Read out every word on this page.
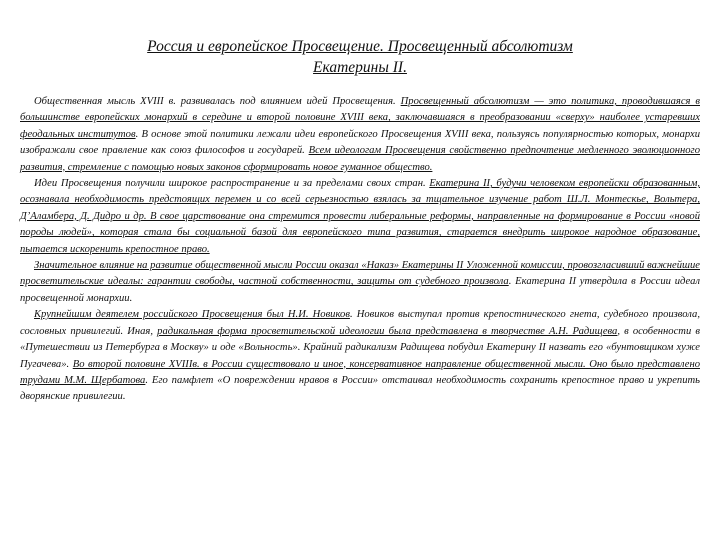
Россия и европейское Просвещение. Просвещенный абсолютизм
Екатерины II.

Общественная мысль XVIII в. развивалась под влиянием идей Просвещения. Просвещенный абсолютизм — это политика, проводившаяся в большинстве европейских монархий в середине и второй половине XVIII века, заключавшаяся в преобразовании «сверху» наиболее устаревших феодальных институтов. В основе этой политики лежали идеи европейского Просвещения XVIII века, пользуясь популярностью которых, монархи изображали свое правление как союз философов и государей. Всем идеологам Просвещения свойственно предпочтение медленного эволюционного развития, стремление с помощью новых законов сформировать новое гуманное общество.

Идеи Просвещения получили широкое распространение и за пределами своих стран. Екатерина II, будучи человеком европейски образованным, осознавала необходимость предстоящих перемен и со всей серьезностью взялась за тщательное изучение работ Ш.Л. Монтескье, Вольтера, Д’Аламбера, Д. Дидро и др. В свое царствование она стремится провести либеральные реформы, направленные на формирование в России «новой породы людей», которая стала бы социальной базой для европейского типа развития, старается внедрить широкое народное образование, пытается искоренить крепостное право.

Значительное влияние на развитие общественной мысли России оказал «Наказ» Екатерины II Уложенной комиссии, провозгласивший важнейшие просветительские идеалы: гарантии свободы, частной собственности, защиты от судебного произвола. Екатерина II утвердила в России идеал просвещенной монархии.

Крупнейшим деятелем российского Просвещения был Н.И. Новиков. Новиков выступал против крепостнического гнета, судебного произвола, сословных привилегий. Иная, радикальная форма просветительской идеологии была представлена в творчестве А.Н. Радищева, в особенности в «Путешествии из Петербурга в Москву» и оде «Вольность». Крайний радикализм Радищева побудил Екатерину II назвать его «бунтовщиком хуже Пугачева». Во второй половине XVIIIв. в России существовало и иное, консервативное направление общественной мысли. Оно было представлено трудами М.М. Щербатова. Его памфлет «О повреждении нравов в России» отстаивал необходимость сохранить крепостное право и укрепить дворянские привилегии.
